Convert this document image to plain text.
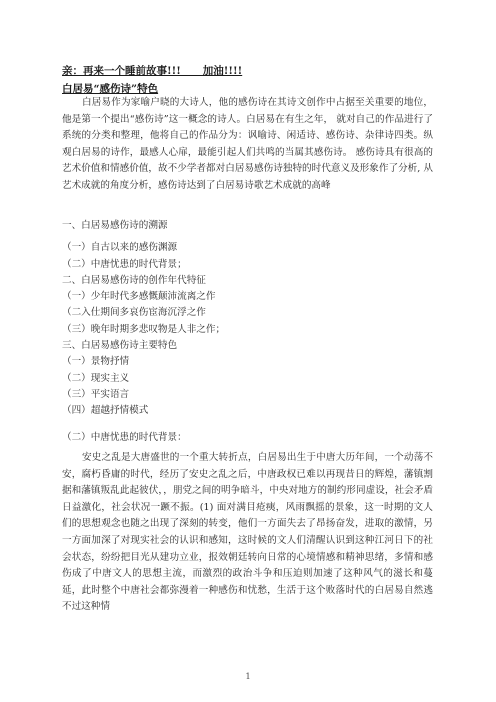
亲：再来一个睡前故事!!!      加油!!!!
白居易“感伤诗”特色

白居易作为家喻户晓的大诗人，他的感伤诗在其诗文创作中占据至关重要的地位， 他是第一个提出“感伤诗”这一概念的诗人。白居易在有生之年， 就对自己的作品进行了系统的分类和整理，他将自己的作品分为：讽喻诗、闲适诗、感伤诗、杂律诗四类。纵观白居易的诗作，最感人心扉，最能引起人们共鸣的当属其感伤诗。 感伤诗具有很高的艺术价值和情感价值，故不少学者都对白居易感伤诗独特的时代意义及形象作了分析, 从艺术成就的角度分析，感伤诗达到了白居易诗歌艺术成就的高峰

一、白居易感伤诗的溯源
（一）自古以来的感伤渊源
（二）中唐忧患的时代背景；
二、白居易感伤诗的创作年代特征
（一）少年时代多感慨颠沛流离之作
（二入仕期间多哀伤宦海沉浮之作
（三）晚年时期多悲叹物是人非之作；
三、白居易感伤诗主要特色
（一）景物抒情
（二）现实主义
（三）平实语言
（四）超越抒情模式
（二）中唐忧患的时代背景：

安史之乱是大唐盛世的一个重大转折点，白居易出生于中唐大历年间，一个动荡不安，腐朽昏庸的时代，经历了安史之乱之后，中唐政权已难以再现昔日的辉煌，藩镇割据和藩镇叛乱此起彼伏，，朋党之间的明争暗斗，中央对地方的制约形同虚设，社会矛盾日益激化，社会状况一蹶不振。(1) 面对满目疮痍，风雨飘摇的景象，这一时期的文人们的思想观念也随之出现了深刻的转变，他们一方面失去了昂扬奋发，进取的激情，另一方面加深了对现实社会的认识和感知，这时候的文人们清醒认识到这种江河日下的社会状态，纷纷把目光从建功立业，报效朝廷转向日常的心境情感和精神思绪，多情和感伤成了中唐文人的思想主流，而激烈的政治斗争和压迫则加速了这种风气的滋长和蔓延，此时整个中唐社会都弥漫着一种感伤和忧愁，生活于这个败落时代的白居易自然逃不过这种情

1
